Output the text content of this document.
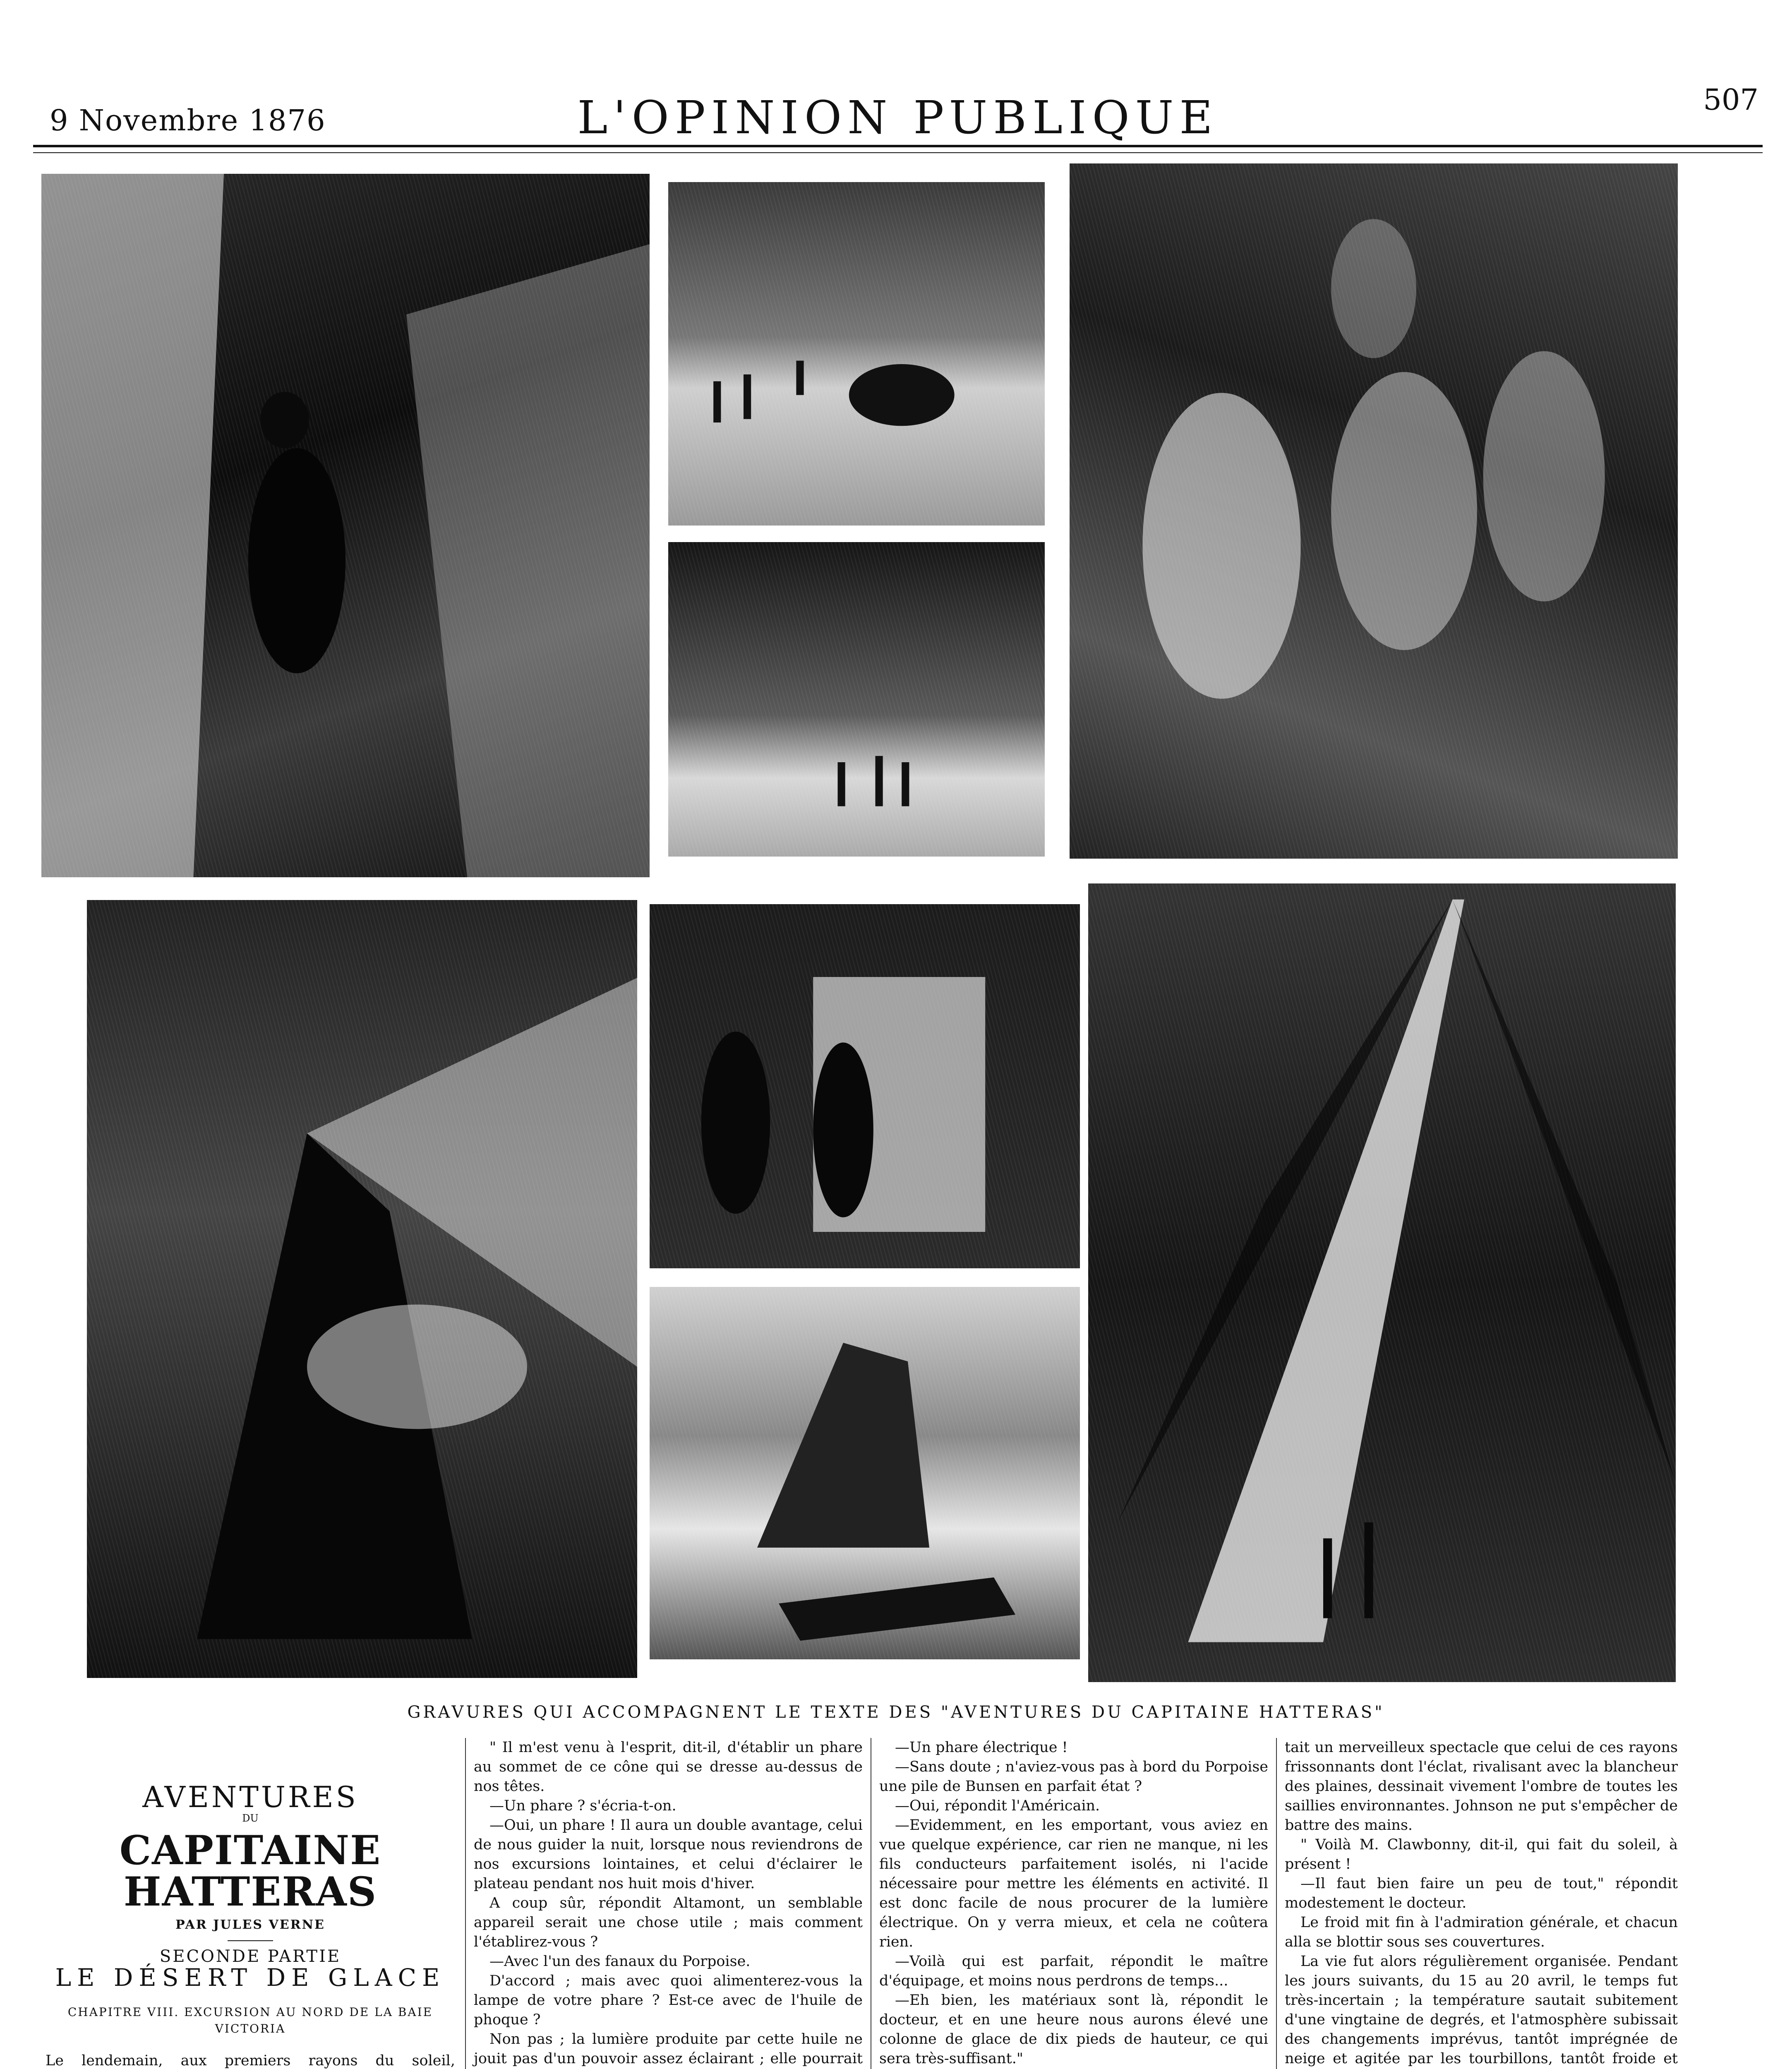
9 Novembre 1876	L'OPINION PUBLIQUE	507
GRAVURES QUI ACCOMPAGNENT LE TEXTE DES "AVENTURES DU CAPITAINE HATTERAS"
AVENTURES
DU
CAPITAINE HATTERAS
PAR JULES VERNE
SECONDE PARTIE
LE DÉSERT DE GLACE
CHAPITRE VIII. EXCURSION AU NORD DE LA BAIE VICTORIA

Le lendemain, aux premiers rayons du soleil,

" Il m'est venu à l'esprit, dit-il, d'établir un phare au sommet de ce cône qui se dresse au-dessus de nos têtes.

—Un phare ? s'écria-t-on.

—Oui, un phare ! Il aura un double avantage, celui de nous guider la nuit, lorsque nous reviendrons de nos excursions lointaines, et celui d'éclairer le plateau pendant nos huit mois d'hiver.

A coup sûr, répondit Altamont, un semblable appareil serait une chose utile ; mais comment l'établirez-vous ?

—Avec l'un des fanaux du Porpoise.

D'accord ; mais avec quoi alimenterez-vous la lampe de votre phare ? Est-ce avec de l'huile de phoque ?

Non pas ; la lumière produite par cette huile ne jouit pas d'un pouvoir assez éclairant ; elle pourrait

—Un phare électrique !

—Sans doute ; n'aviez-vous pas à bord du Porpoise une pile de Bunsen en parfait état ?

—Oui, répondit l'Américain.

—Evidemment, en les emportant, vous aviez en vue quelque expérience, car rien ne manque, ni les fils conducteurs parfaitement isolés, ni l'acide nécessaire pour mettre les éléments en activité. Il est donc facile de nous procurer de la lumière électrique. On y verra mieux, et cela ne coûtera rien.

—Voilà qui est parfait, répondit le maître d'équipage, et moins nous perdrons de temps...

—Eh bien, les matériaux sont là, répondit le docteur, et en une heure nous aurons élevé une colonne de glace de dix pieds de hauteur, ce qui sera très-suffisant."

tait un merveilleux spectacle que celui de ces rayons frissonnants dont l'éclat, rivalisant avec la blancheur des plaines, dessinait vivement l'ombre de toutes les saillies environnantes. Johnson ne put s'empêcher de battre des mains.

" Voilà M. Clawbonny, dit-il, qui fait du soleil, à présent !

—Il faut bien faire un peu de tout," répondit modestement le docteur.

Le froid mit fin à l'admiration générale, et chacun alla se blottir sous ses couvertures.

La vie fut alors régulièrement organisée. Pendant les jours suivants, du 15 au 20 avril, le temps fut très-incertain ; la température sautait subitement d'une vingtaine de degrés, et l'atmosphère subissait des changements imprévus, tantôt imprégnée de neige et agitée par les tourbillons, tantôt froide et
